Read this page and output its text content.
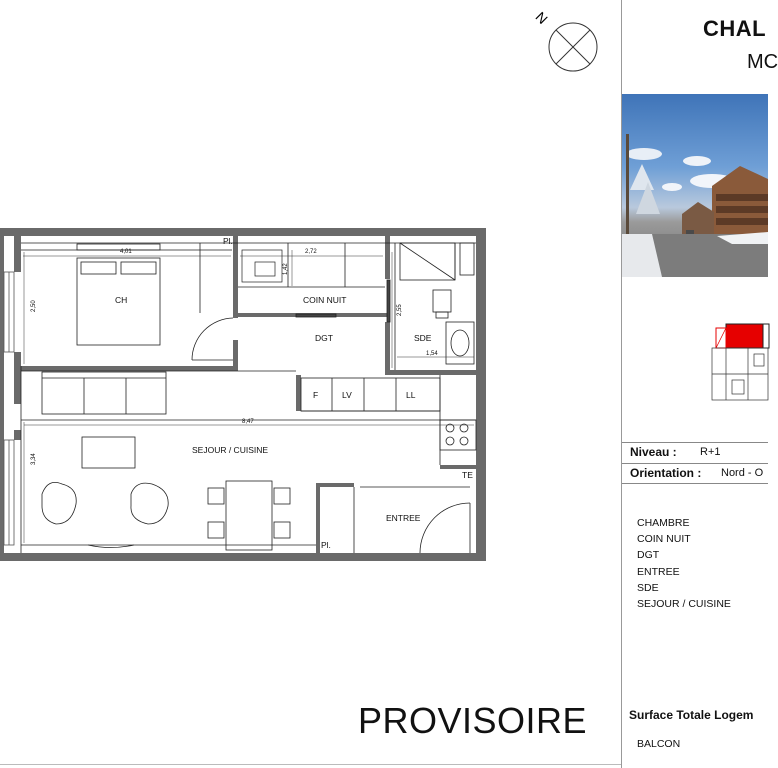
N
CH	COIN NUIT
DGT	SDE
SEJOUR / CUISINE
ENTREE
F	LV	LL
Pl.
Pl.
TE
4,01	2,72
1,42
2,50	2,55
1,54
8,47
3,34
CHAL
MC
Niveau : R+1
Orientation : Nord - O
CHAMBRE
COIN NUIT
DGT
ENTREE
SDE
SEJOUR / CUISINE
PROVISOIRE	Surface Totale Logem
BALCON
